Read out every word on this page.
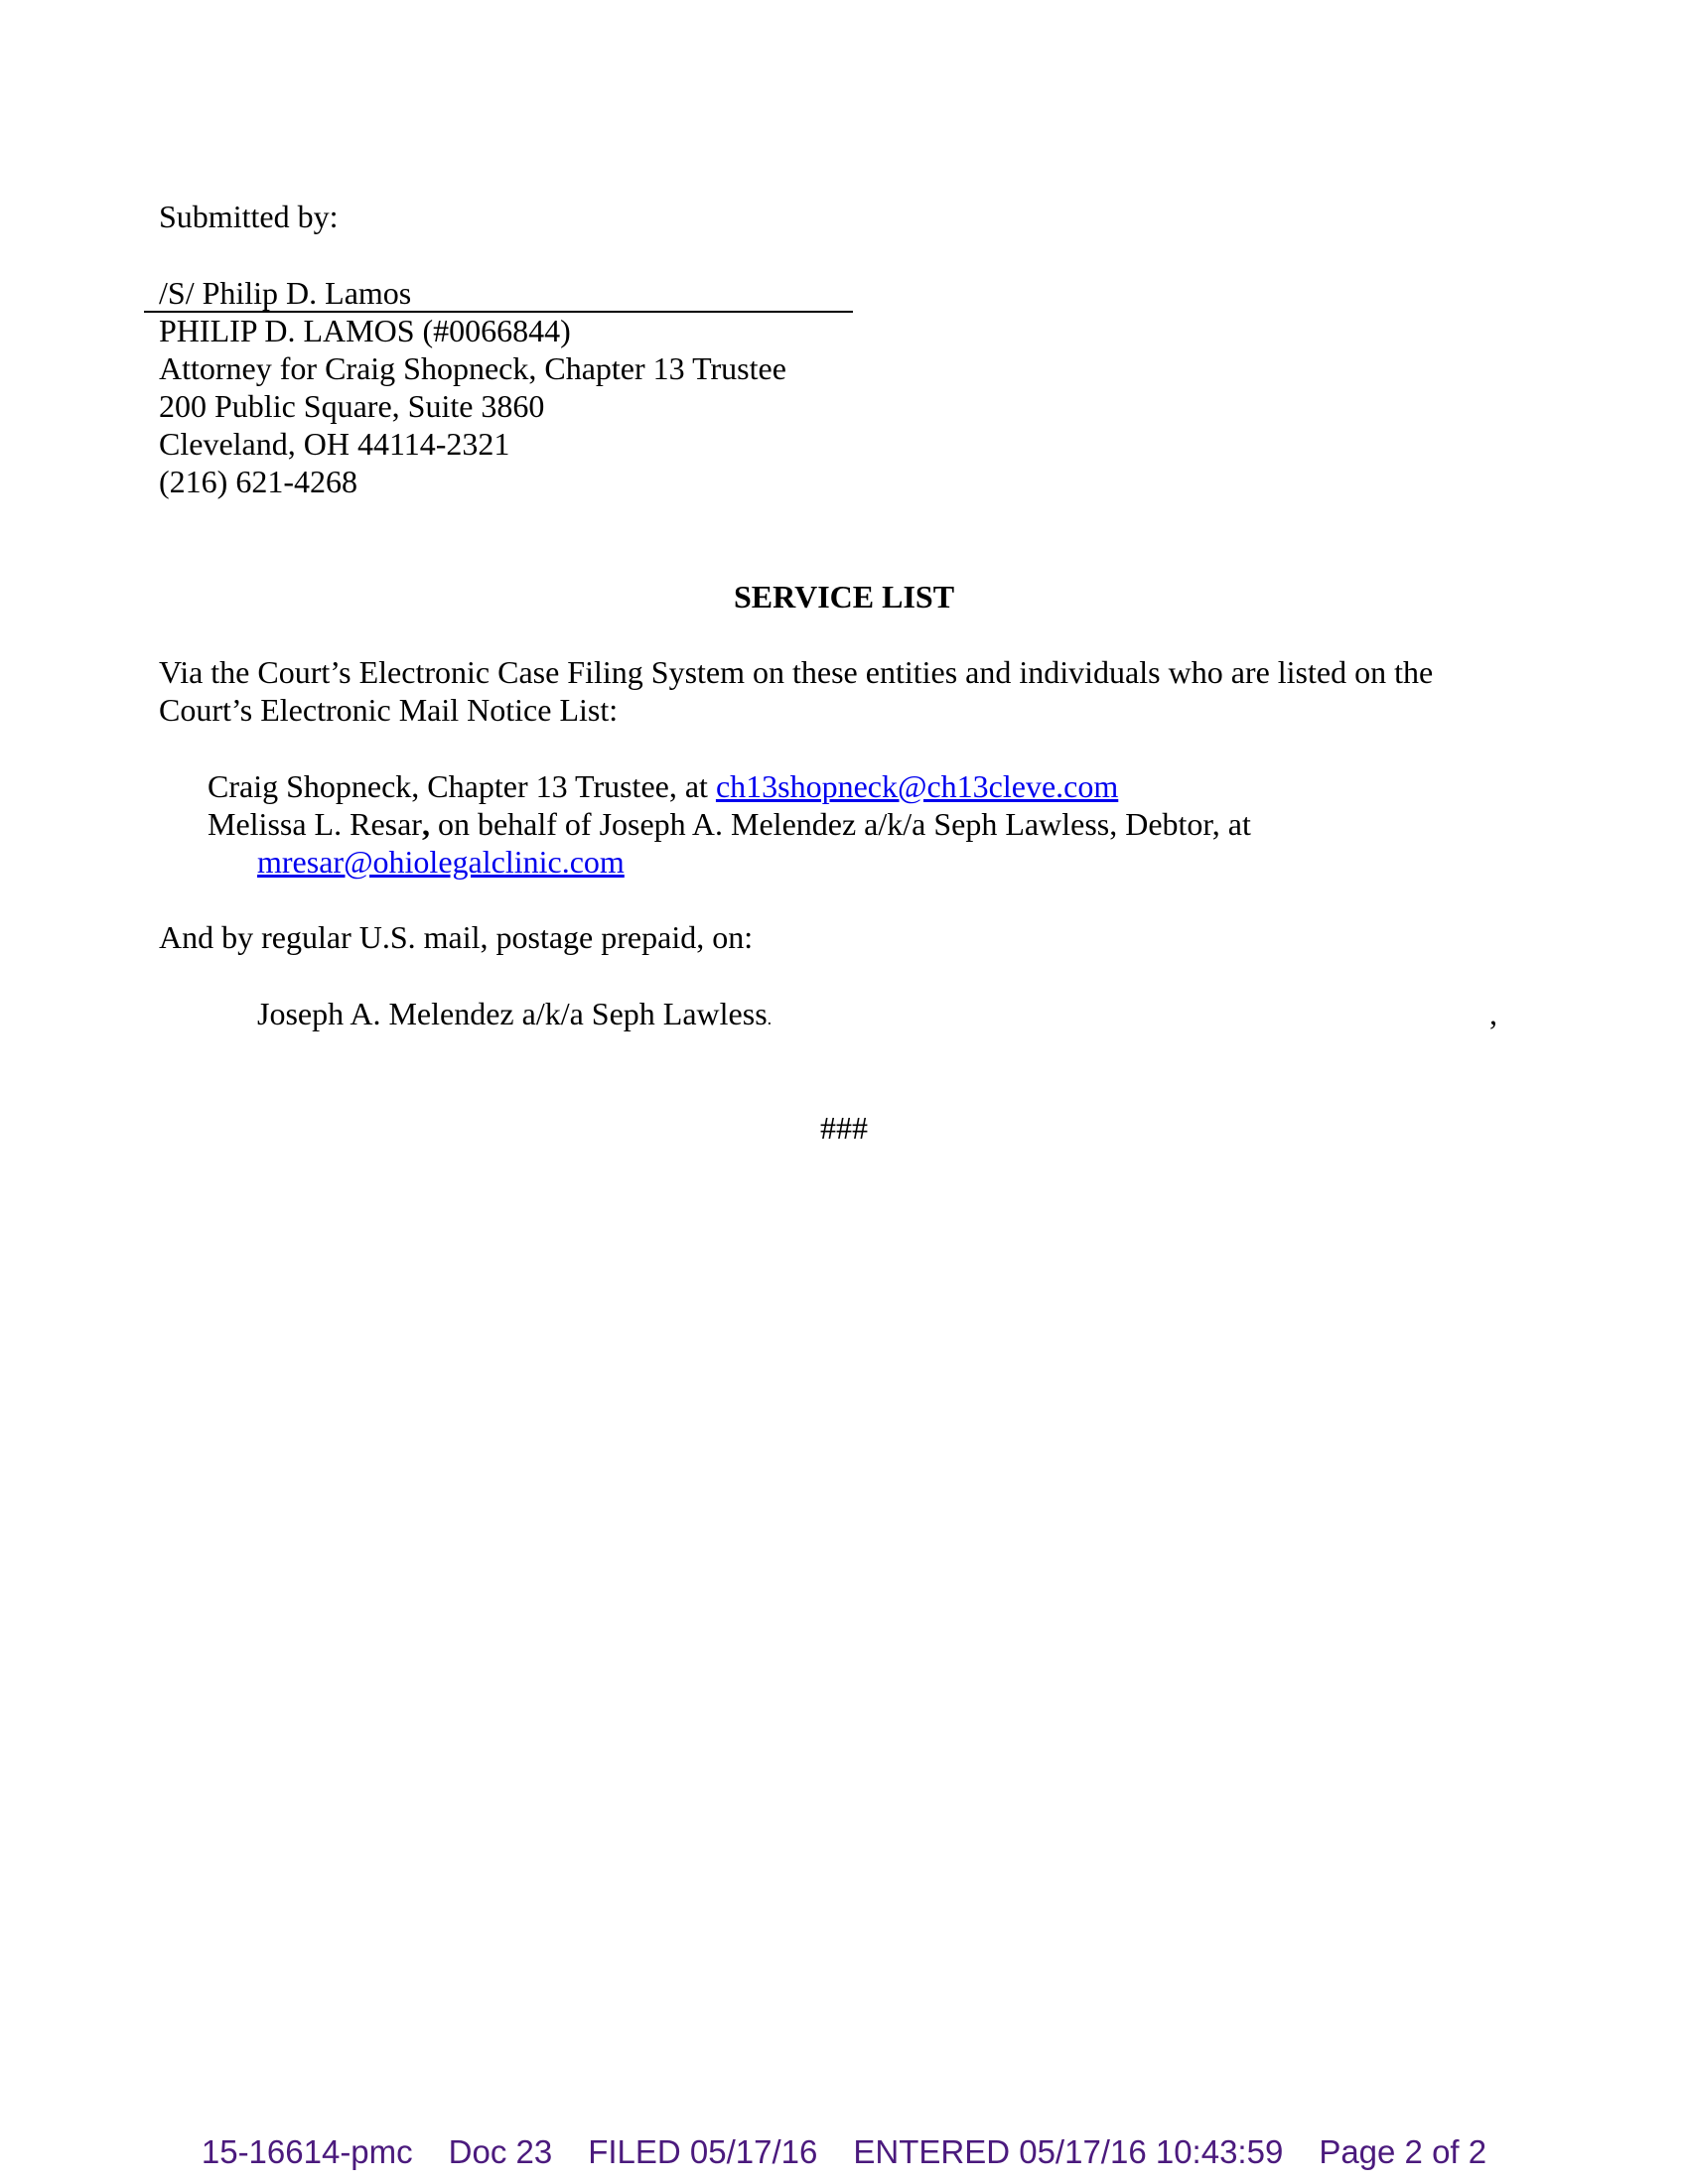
Submitted by:
/S/ Philip D. Lamos
PHILIP D. LAMOS (#0066844)
Attorney for Craig Shopneck, Chapter 13 Trustee
200 Public Square, Suite 3860
Cleveland, OH 44114-2321
(216) 621-4268
SERVICE LIST
Via the Court’s Electronic Case Filing System on these entities and individuals who are listed on the
Court’s Electronic Mail Notice List:
Craig Shopneck, Chapter 13 Trustee, at ch13shopneck@ch13cleve.com
Melissa L. Resar, on behalf of Joseph A. Melendez a/k/a Seph Lawless, Debtor, at
mresar@ohiolegalclinic.com
And by regular U.S. mail, postage prepaid, on:
Joseph A. Melendez a/k/a Seph Lawless.	,
###
15-16614-pmc Doc 23 FILED 05/17/16 ENTERED 05/17/16 10:43:59 Page 2 of 2
